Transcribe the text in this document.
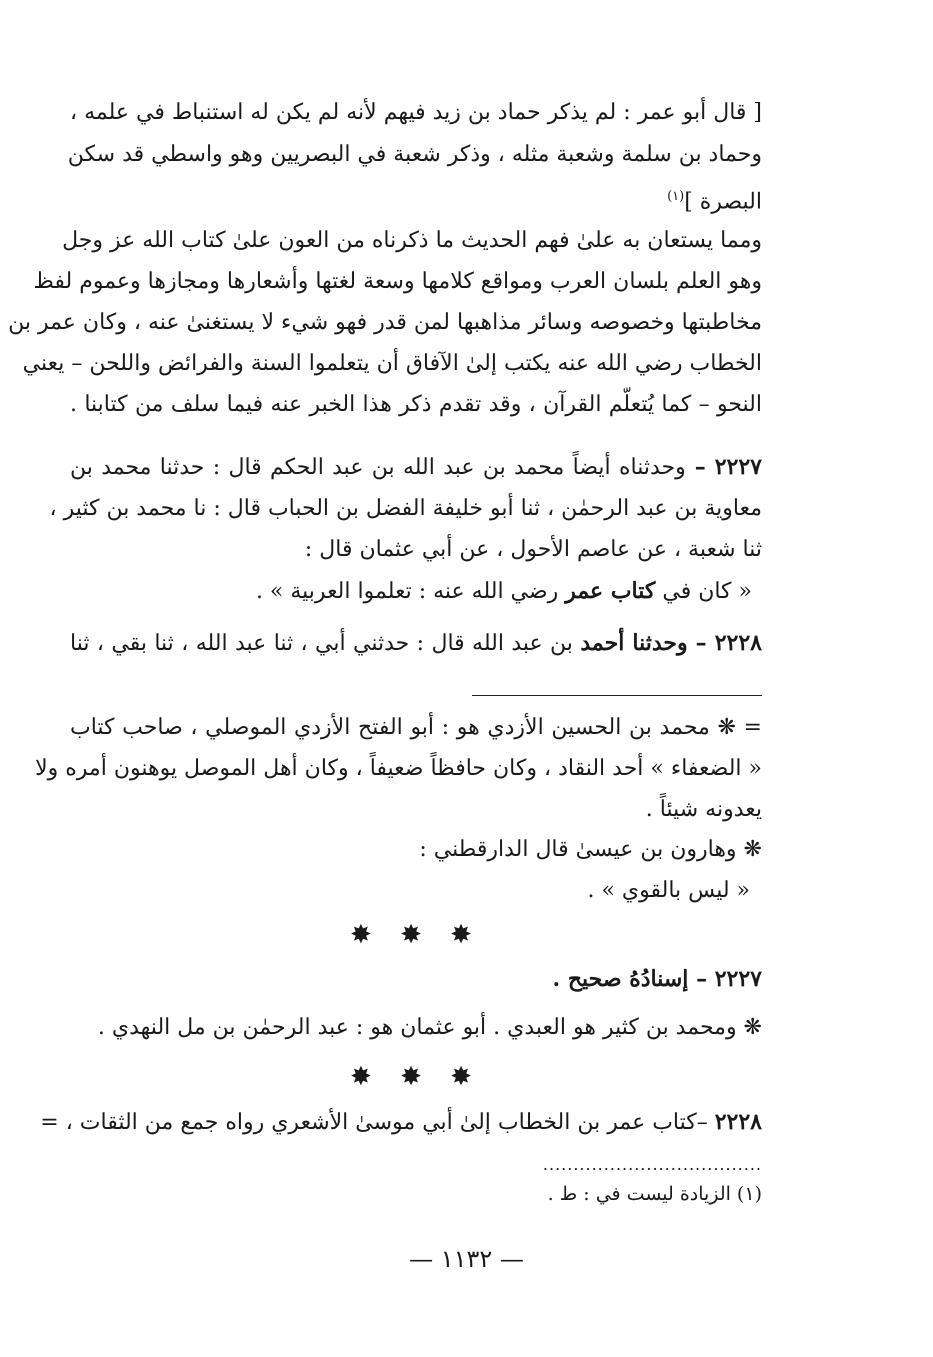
[ قال أبو عمر : لم يذكر حماد بن زيد فيهم لأنه لم يكن له استنباط في علمه ،
وحماد بن سلمة وشعبة مثله ، وذكر شعبة في البصريين وهو واسطي قد سكن
البصرة ]$^{(١)}$
ومما يستعان به علىٰ فهم الحديث ما ذكرناه من العون علىٰ كتاب الله عز وجل
وهو العلم بلسان العرب ومواقع كلامها وسعة لغتها وأشعارها ومجازها وعموم لفظ
مخاطبتها وخصوصه وسائر مذاهبها لمن قدر فهو شيء لا يستغنىٰ عنه ، وكان عمر بن
الخطاب رضي الله عنه يكتب إلىٰ الآفاق أن يتعلموا السنة والفرائض واللحن – يعني
النحو – كما يُتعلّم القرآن ، وقد تقدم ذكر هذا الخبر عنه فيما سلف من كتابنا .
٢٢٢٧ – وحدثناه أيضاً محمد بن عبد الله بن عبد الحكم قال : حدثنا محمد بن
معاوية بن عبد الرحمٰن ، ثنا أبو خليفة الفضل بن الحباب قال : نا محمد بن كثير ،
ثنا شعبة ، عن عاصم الأحول ، عن أبي عثمان قال :
« كان في كتاب عمر رضي الله عنه : تعلموا العربية » .
٢٢٢٨ – وحدثنا أحمد بن عبد الله قال : حدثني أبي ، ثنا عبد الله ، ثنا بقي ، ثنا
= ❋ محمد بن الحسين الأزدي هو : أبو الفتح الأزدي الموصلي ، صاحب كتاب
« الضعفاء » أحد النقاد ، وكان حافظاً ضعيفاً ، وكان أهل الموصل يوهنون أمره ولا
يعدونه شيئاً .
❋ وهارون بن عيسىٰ قال الدارقطني :
« ليس بالقوي » .
✸ ✸ ✸
٢٢٢٧ – إسنادُهُ صحيح .
❋ ومحمد بن كثير هو العبدي . أبو عثمان هو : عبد الرحمٰن بن مل النهدي .
✸ ✸ ✸
٢٢٢٨ –كتاب عمر بن الخطاب إلىٰ أبي موسىٰ الأشعري رواه جمع من الثقات ، =
....................................
(١) الزيادة ليست في : ط .
— ١١٣٢ —
